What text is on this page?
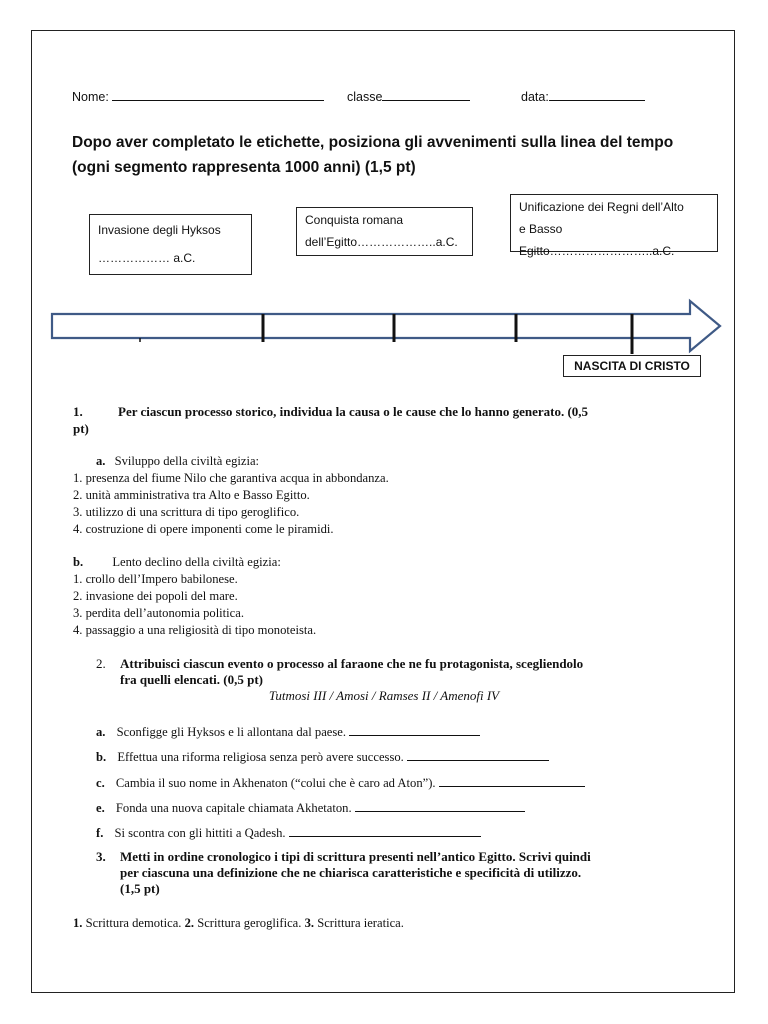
Nome:	classe	data:
Dopo aver completato le etichette, posiziona gli avvenimenti sulla linea del tempo
(ogni segmento rappresenta 1000 anni) (1,5 pt)
Invasione degli Hyksos
……………… a.C.
Conquista romana
dell’Egitto………………..a.C.
Unificazione dei Regni dell’Alto
e Basso Egitto……………………..a.C.
NASCITA DI CRISTO
1.	Per ciascun processo storico, individua la causa o le cause che lo hanno generato. (0,5
pt)
a. Sviluppo della civiltà egizia:
1. presenza del fiume Nilo che garantiva acqua in abbondanza.
2. unità amministrativa tra Alto e Basso Egitto.
3. utilizzo di una scrittura di tipo geroglifico.
4. costruzione di opere imponenti come le piramidi.
b. Lento declino della civiltà egizia:
1. crollo dell’Impero babilonese.
2. invasione dei popoli del mare.
3. perdita dell’autonomia politica.
4. passaggio a una religiosità di tipo monoteista.
2. Attribuisci ciascun evento o processo al faraone che ne fu protagonista, scegliendolo
fra quelli elencati. (0,5 pt)
Tutmosi III / Amosi / Ramses II / Amenofi IV
a. Sconfigge gli Hyksos e li allontana dal paese.
b. Effettua una riforma religiosa senza però avere successo.
c. Cambia il suo nome in Akhenaton (“colui che è caro ad Aton”).
e. Fonda una nuova capitale chiamata Akhetaton.
f. Si scontra con gli hittiti a Qadesh.
3. Metti in ordine cronologico i tipi di scrittura presenti nell’antico Egitto. Scrivi quindi
per ciascuna una definizione che ne chiarisca caratteristiche e specificità di utilizzo.
(1,5 pt)
1. Scrittura demotica. 2. Scrittura geroglifica. 3. Scrittura ieratica.
